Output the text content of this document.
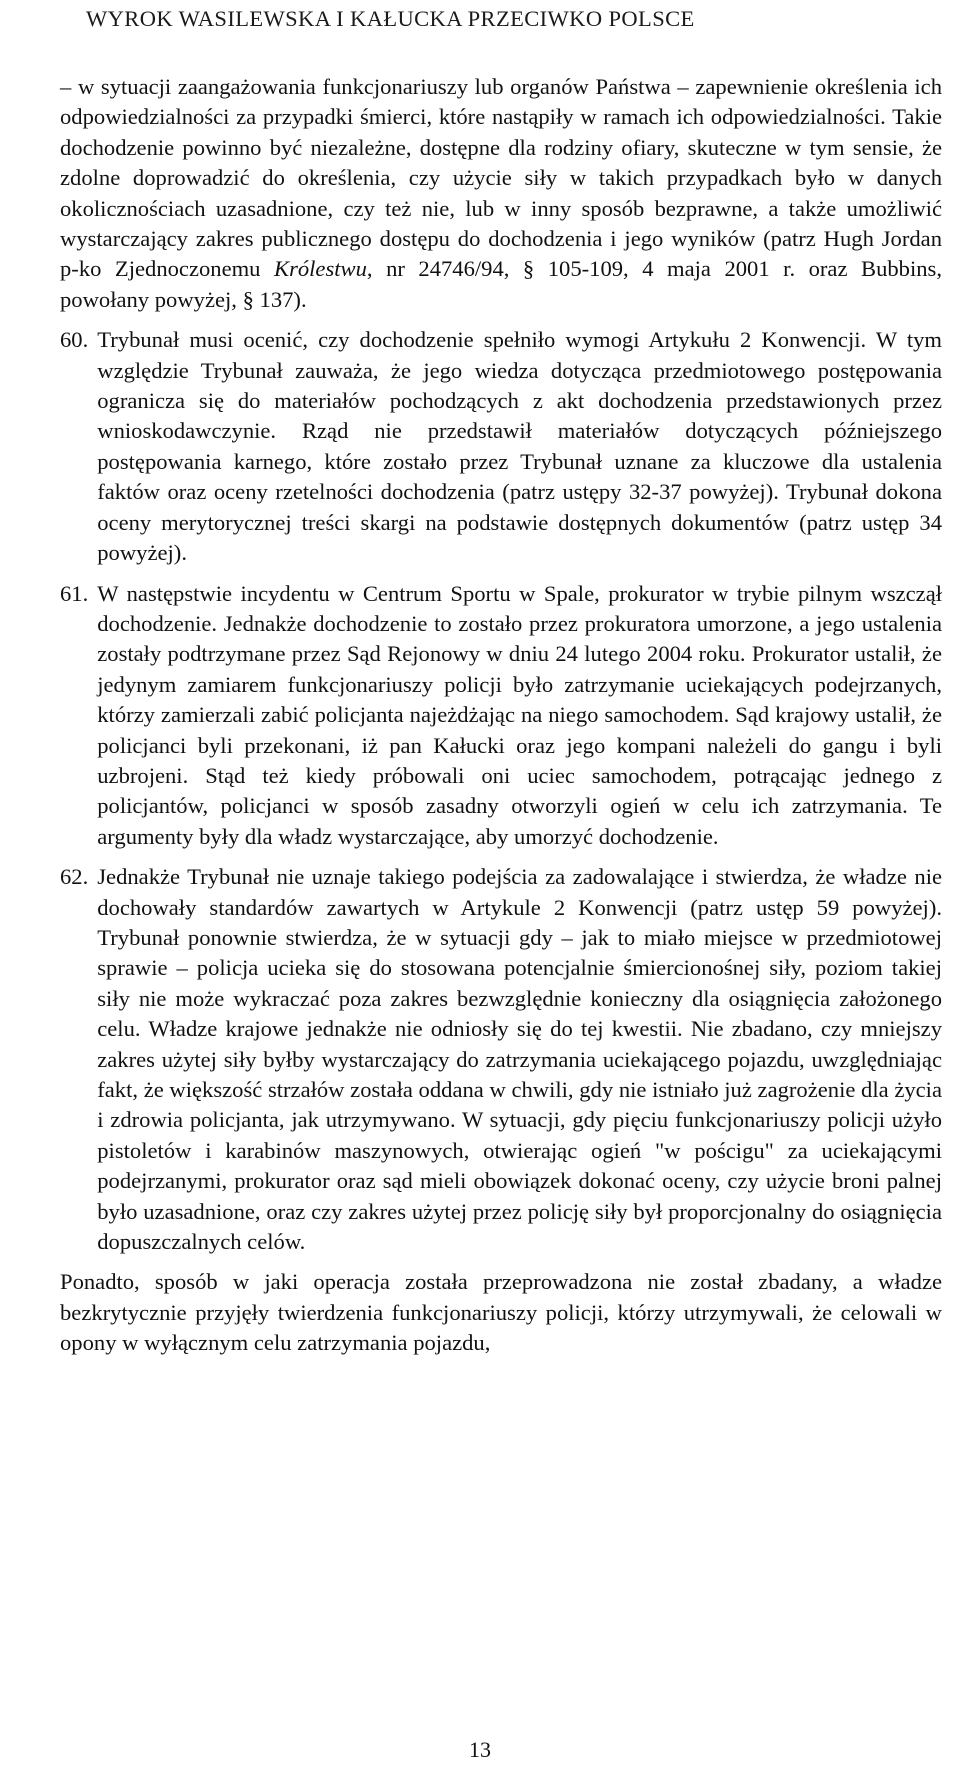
WYROK WASILEWSKA I KAŁUCKA PRZECIWKO POLSCE
– w sytuacji zaangażowania funkcjonariuszy lub organów Państwa – zapewnienie określenia ich odpowiedzialności za przypadki śmierci, które nastąpiły w ramach ich odpowiedzialności. Takie dochodzenie powinno być niezależne, dostępne dla rodziny ofiary, skuteczne w tym sensie, że zdolne doprowadzić do określenia, czy użycie siły w takich przypadkach było w danych okolicznościach uzasadnione, czy też nie, lub w inny sposób bezprawne, a także umożliwić wystarczający zakres publicznego dostępu do dochodzenia i jego wyników (patrz Hugh Jordan p-ko Zjednoczonemu Królestwu, nr 24746/94, § 105-109, 4 maja 2001 r. oraz Bubbins, powołany powyżej, § 137).
60. Trybunał musi ocenić, czy dochodzenie spełniło wymogi Artykułu 2 Konwencji. W tym względzie Trybunał zauważa, że jego wiedza dotycząca przedmiotowego postępowania ogranicza się do materiałów pochodzących z akt dochodzenia przedstawionych przez wnioskodawczynie. Rząd nie przedstawił materiałów dotyczących późniejszego postępowania karnego, które zostało przez Trybunał uznane za kluczowe dla ustalenia faktów oraz oceny rzetelności dochodzenia (patrz ustępy 32-37 powyżej). Trybunał dokona oceny merytorycznej treści skargi na podstawie dostępnych dokumentów (patrz ustęp 34 powyżej).
61. W następstwie incydentu w Centrum Sportu w Spale, prokurator w trybie pilnym wszczął dochodzenie. Jednakże dochodzenie to zostało przez prokuratora umorzone, a jego ustalenia zostały podtrzymane przez Sąd Rejonowy w dniu 24 lutego 2004 roku. Prokurator ustalił, że jedynym zamiarem funkcjonariuszy policji było zatrzymanie uciekających podejrzanych, którzy zamierzali zabić policjanta najeżdżając na niego samochodem. Sąd krajowy ustalił, że policjanci byli przekonani, iż pan Kałucki oraz jego kompani należeli do gangu i byli uzbrojeni. Stąd też kiedy próbowali oni uciec samochodem, potrącając jednego z policjantów, policjanci w sposób zasadny otworzyli ogień w celu ich zatrzymania. Te argumenty były dla władz wystarczające, aby umorzyć dochodzenie.
62. Jednakże Trybunał nie uznaje takiego podejścia za zadowalające i stwierdza, że władze nie dochowały standardów zawartych w Artykule 2 Konwencji (patrz ustęp 59 powyżej). Trybunał ponownie stwierdza, że w sytuacji gdy – jak to miało miejsce w przedmiotowej sprawie – policja ucieka się do stosowana potencjalnie śmiercionośnej siły, poziom takiej siły nie może wykraczać poza zakres bezwzględnie konieczny dla osiągnięcia założonego celu. Władze krajowe jednakże nie odniosły się do tej kwestii. Nie zbadano, czy mniejszy zakres użytej siły byłby wystarczający do zatrzymania uciekającego pojazdu, uwzględniając fakt, że większość strzałów została oddana w chwili, gdy nie istniało już zagrożenie dla życia i zdrowia policjanta, jak utrzymywano. W sytuacji, gdy pięciu funkcjonariuszy policji użyło pistoletów i karabinów maszynowych, otwierając ogień "w pościgu" za uciekającymi podejrzanymi, prokurator oraz sąd mieli obowiązek dokonać oceny, czy użycie broni palnej było uzasadnione, oraz czy zakres użytej przez policję siły był proporcjonalny do osiągnięcia dopuszczalnych celów.
Ponadto, sposób w jaki operacja została przeprowadzona nie został zbadany, a władze bezkrytycznie przyjęły twierdzenia funkcjonariuszy policji, którzy utrzymywali, że celowali w opony w wyłącznym celu zatrzymania pojazdu,
13
